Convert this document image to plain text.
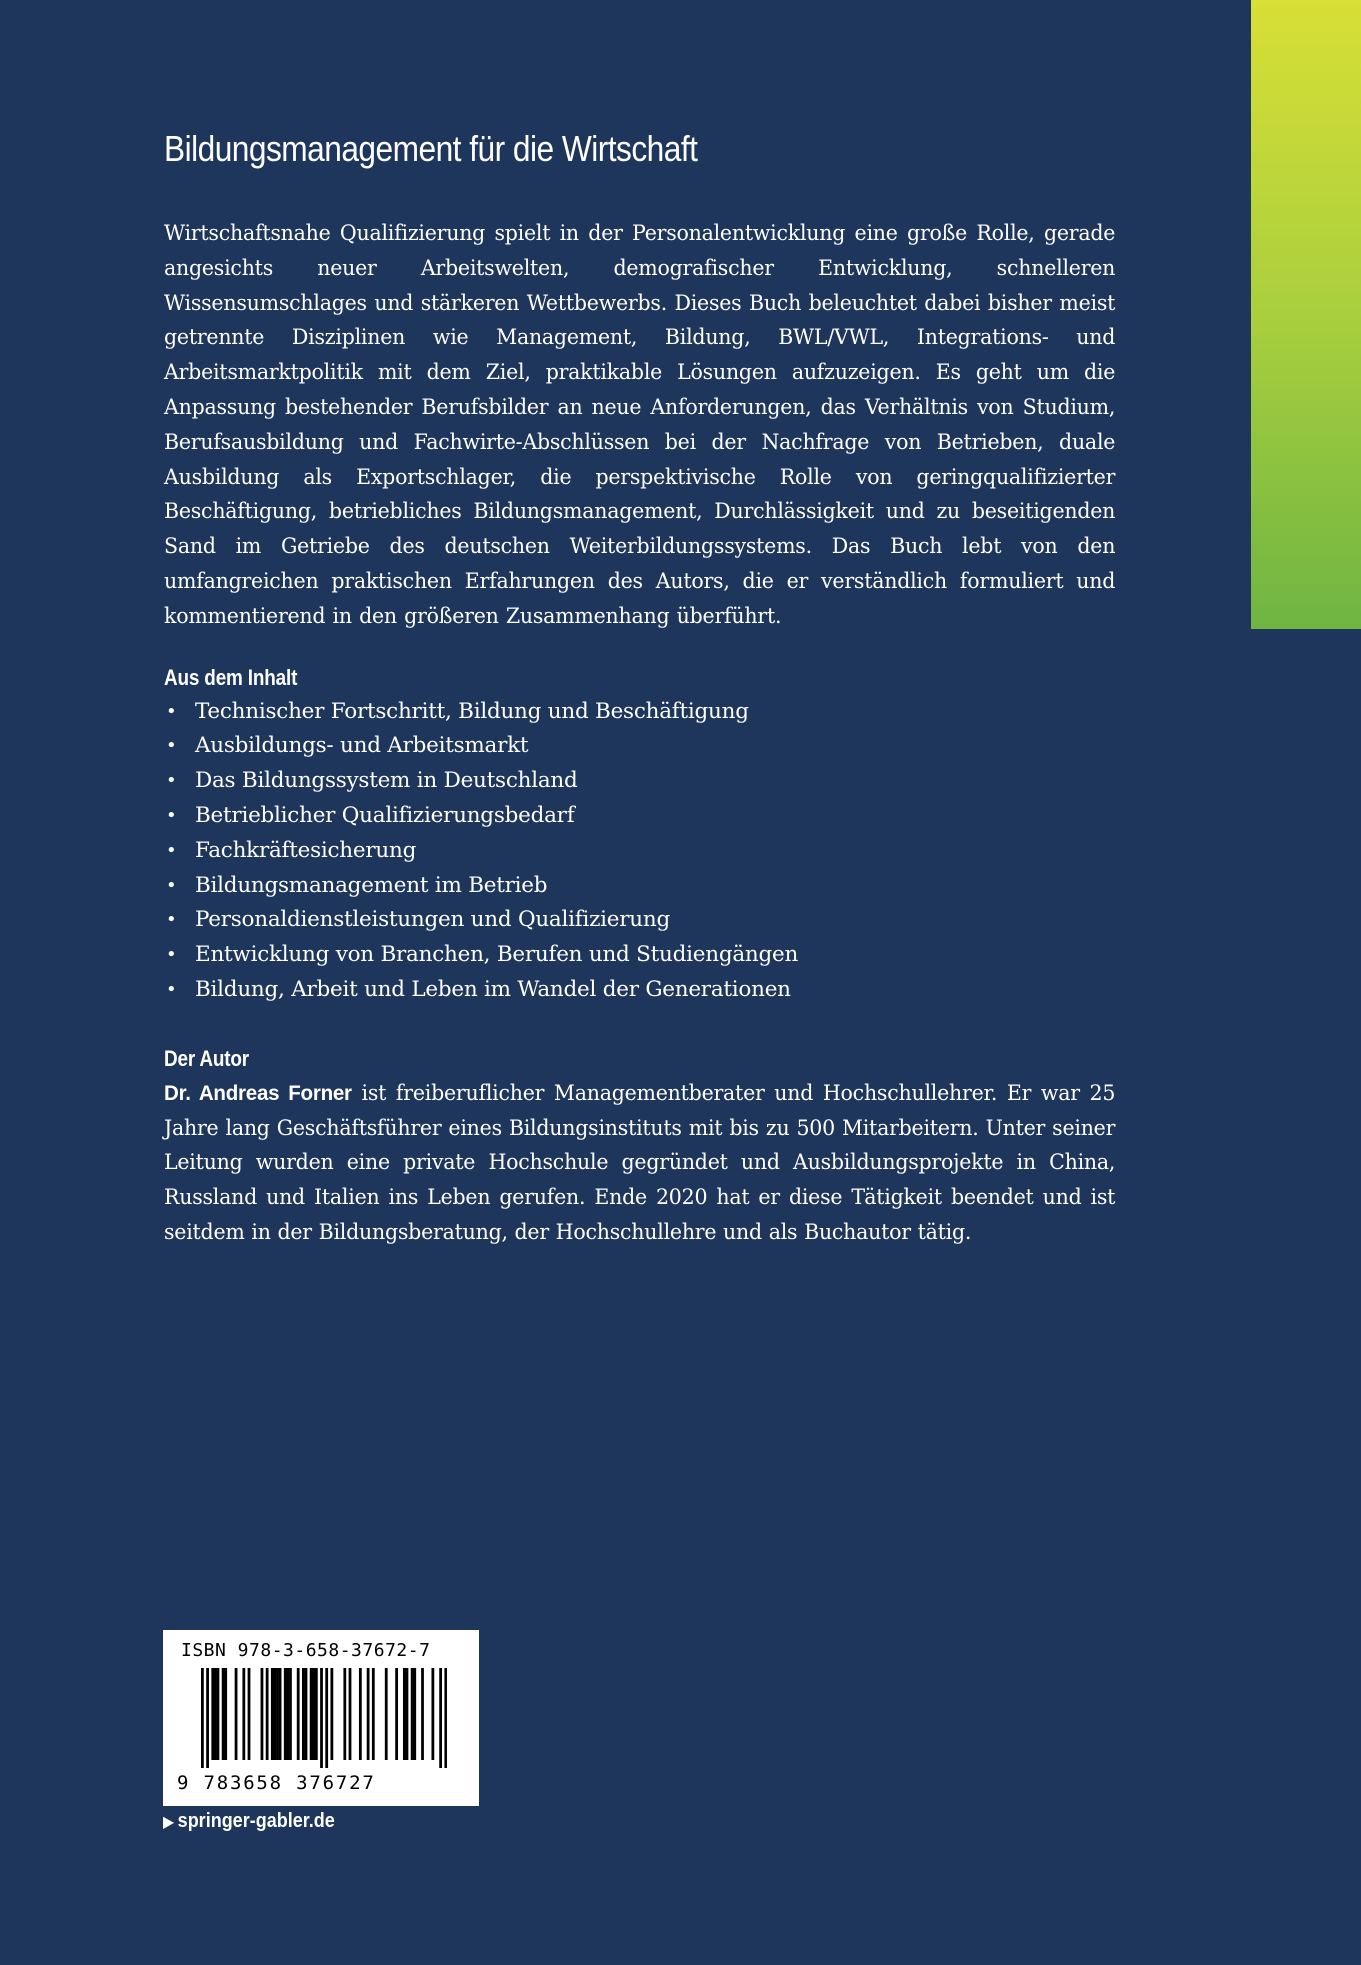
Bildungsmanagement für die Wirtschaft

Wirtschaftsnahe Qualifizierung spielt in der Personalentwicklung eine große Rolle, gerade angesichts neuer Arbeitswelten, demografischer Entwicklung, schnelleren Wissensumschlages und stärkeren Wettbewerbs. Dieses Buch beleuchtet dabei bisher meist getrennte Disziplinen wie Management, Bildung, BWL/VWL, Integrations- und Arbeitsmarktpolitik mit dem Ziel, praktikable Lösungen aufzuzeigen. Es geht um die Anpassung bestehender Berufsbilder an neue Anforderungen, das Verhältnis von Studium, Berufsausbildung und Fachwirte-Abschlüssen bei der Nachfrage von Betrieben, duale Ausbildung als Exportschlager, die perspektivische Rolle von geringqualifizierter Beschäftigung, betriebliches Bildungsmanagement, Durchlässigkeit und zu beseitigenden Sand im Getriebe des deutschen Weiterbildungssystems. Das Buch lebt von den umfangreichen praktischen Erfahrungen des Autors, die er verständlich formuliert und kommentierend in den größeren Zusammenhang überführt.

Aus dem Inhalt
• Technischer Fortschritt, Bildung und Beschäftigung
• Ausbildungs- und Arbeitsmarkt
• Das Bildungssystem in Deutschland
• Betrieblicher Qualifizierungsbedarf
• Fachkräftesicherung
• Bildungsmanagement im Betrieb
• Personaldienstleistungen und Qualifizierung
• Entwicklung von Branchen, Berufen und Studiengängen
• Bildung, Arbeit und Leben im Wandel der Generationen
Der Autor

Dr. Andreas Forner ist freiberuflicher Managementberater und Hochschullehrer. Er war 25 Jahre lang Geschäftsführer eines Bildungsinstituts mit bis zu 500 Mitarbeitern. Unter seiner Leitung wurden eine private Hochschule gegründet und Ausbildungsprojekte in China, Russland und Italien ins Leben gerufen. Ende 2020 hat er diese Tätigkeit beendet und ist seitdem in der Bildungsberatung, der Hochschullehre und als Buchautor tätig.

ISBN 978-3-658-37672-7
9 783658 376727
▶ springer-gabler.de
